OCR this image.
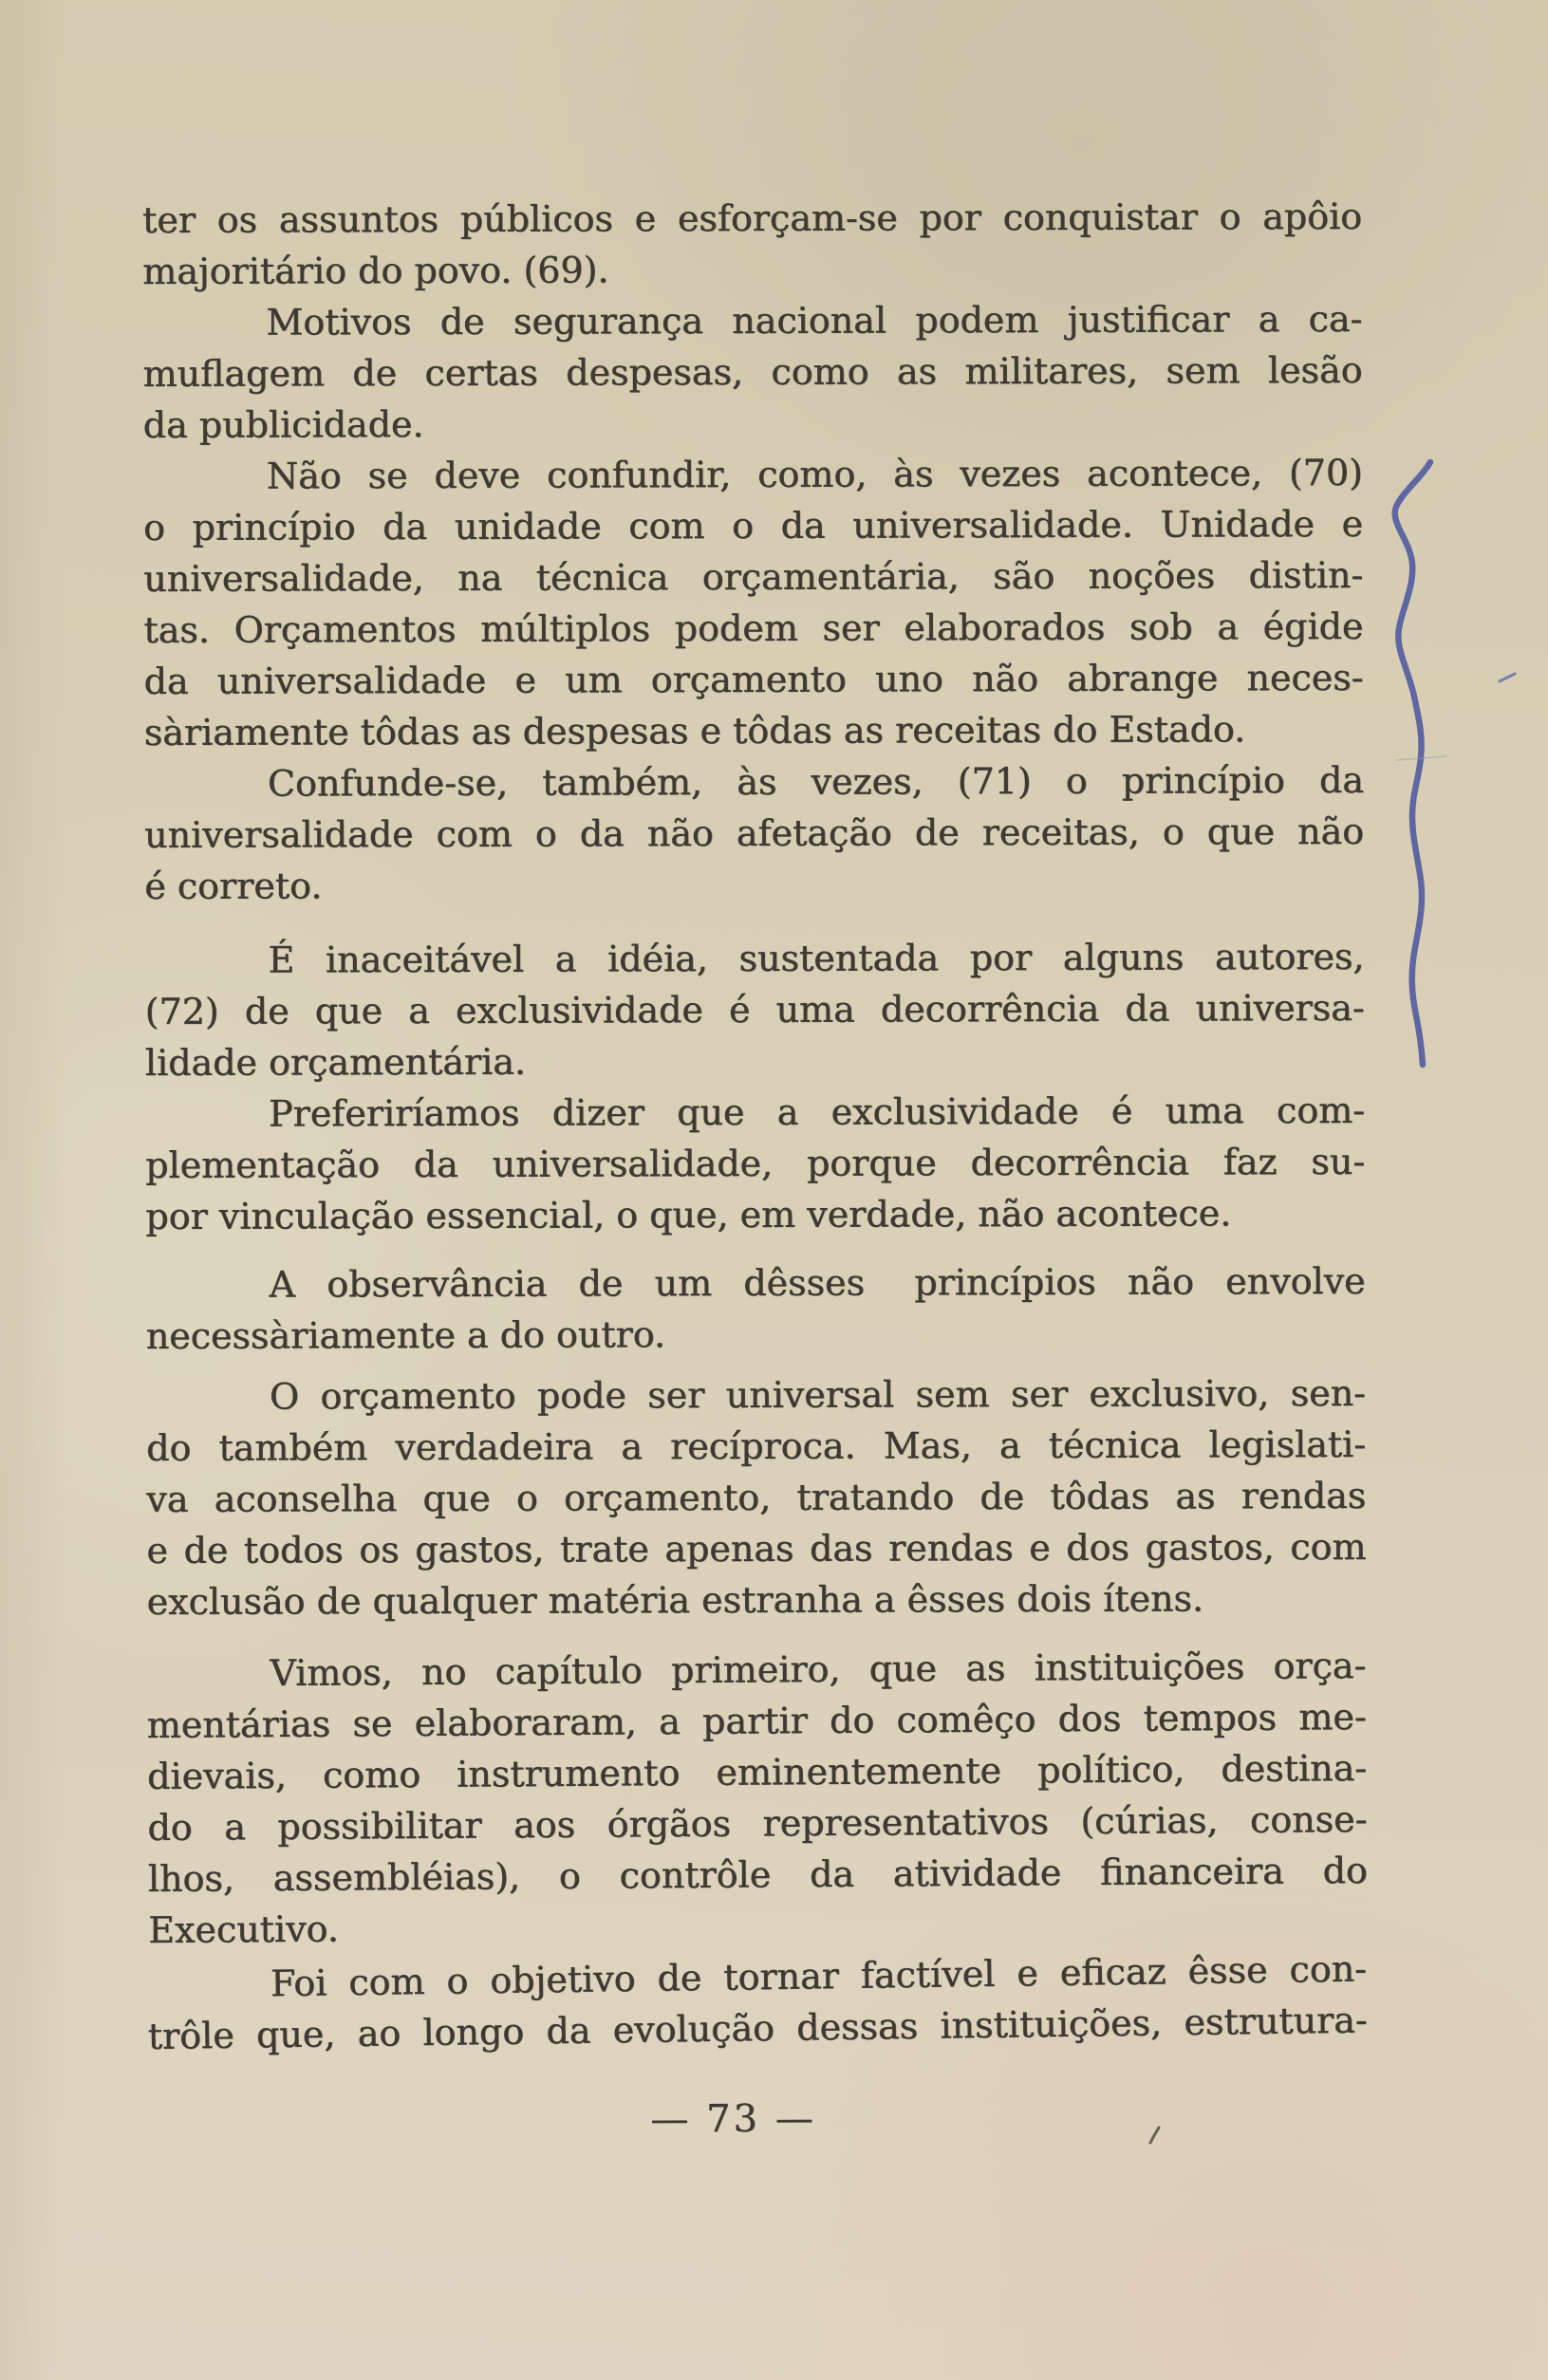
ter os assuntos públicos e esforçam-se por conquistar o apôio
majoritário do povo. (69).
Motivos de segurança nacional podem justificar a ca-
muflagem de certas despesas, como as militares, sem lesão
da publicidade.
Não se deve confundir, como, às vezes acontece, (70)
o princípio da unidade com o da universalidade. Unidade e
universalidade, na técnica orçamentária, são noções distin-
tas. Orçamentos múltiplos podem ser elaborados sob a égide
da universalidade e um orçamento uno não abrange neces-
sàriamente tôdas as despesas e tôdas as receitas do Estado.
Confunde-se, também, às vezes, (71) o princípio da
universalidade com o da não afetação de receitas, o que não
é correto.
É inaceitável a idéia, sustentada por alguns autores,
(72) de que a exclusividade é uma decorrência da universa-
lidade orçamentária.
Preferiríamos dizer que a exclusividade é uma com-
plementação da universalidade, porque decorrência faz su-
por vinculação essencial, o que, em verdade, não acontece.
A observância de um dêsses  princípios não envolve
necessàriamente a do outro.
O orçamento pode ser universal sem ser exclusivo, sen-
do também verdadeira a recíproca. Mas, a técnica legislati-
va aconselha que o orçamento, tratando de tôdas as rendas
e de todos os gastos, trate apenas das rendas e dos gastos, com
exclusão de qualquer matéria estranha a êsses dois ítens.
Vimos, no capítulo primeiro, que as instituições orça-
mentárias se elaboraram, a partir do comêço dos tempos me-
dievais, como instrumento eminentemente político, destina-
do a possibilitar aos órgãos representativos (cúrias, conse-
lhos, assembléias), o contrôle da atividade financeira do
Executivo.
Foi com o objetivo de tornar factível e eficaz êsse con-
trôle que, ao longo da evolução dessas instituições, estrutura-
— 73 —
